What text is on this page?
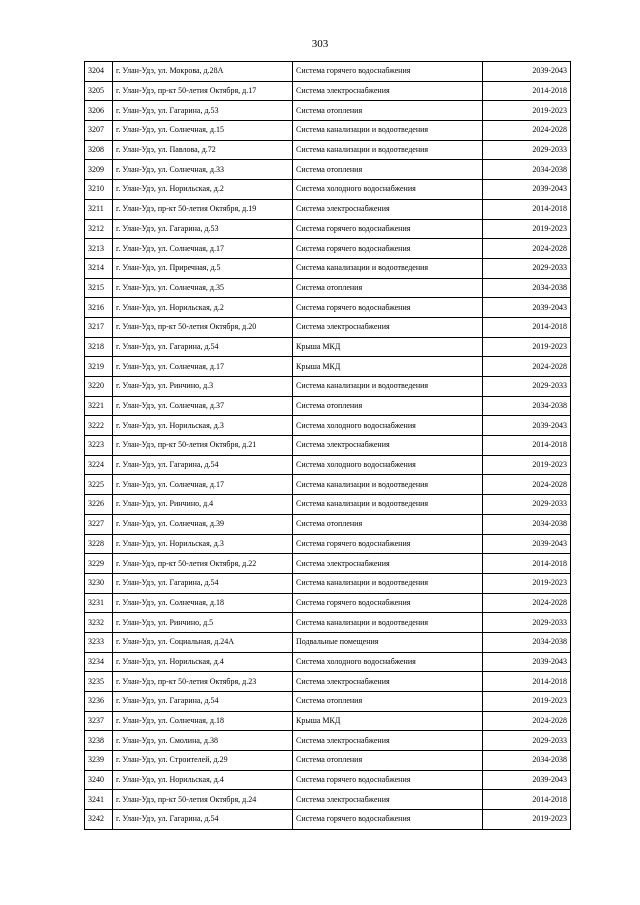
303
3204	г. Улан-Удэ, ул. Мокрова, д.28А	Система горячего водоснабжения	2039-2043
3205	г. Улан-Удэ, пр-кт 50-летия Октября, д.17	Система электроснабжения	2014-2018
3206	г. Улан-Удэ, ул. Гагарина, д.53	Система отопления	2019-2023
3207	г. Улан-Удэ, ул. Солнечная, д.15	Система канализации и водоотведения	2024-2028
3208	г. Улан-Удэ, ул. Павлова, д.72	Система канализации и водоотведения	2029-2033
3209	г. Улан-Удэ, ул. Солнечная, д.33	Система отопления	2034-2038
3210	г. Улан-Удэ, ул. Норильская, д.2	Система холодного водоснабжения	2039-2043
3211	г. Улан-Удэ, пр-кт 50-летия Октября, д.19	Система электроснабжения	2014-2018
3212	г. Улан-Удэ, ул. Гагарина, д.53	Система горячего водоснабжения	2019-2023
3213	г. Улан-Удэ, ул. Солнечная, д.17	Система горячего водоснабжения	2024-2028
3214	г. Улан-Удэ, ул. Приречная, д.5	Система канализации и водоотведения	2029-2033
3215	г. Улан-Удэ, ул. Солнечная, д.35	Система отопления	2034-2038
3216	г. Улан-Удэ, ул. Норильская, д.2	Система горячего водоснабжения	2039-2043
3217	г. Улан-Удэ, пр-кт 50-летия Октября, д.20	Система электроснабжения	2014-2018
3218	г. Улан-Удэ, ул. Гагарина, д.54	Крыша МКД	2019-2023
3219	г. Улан-Удэ, ул. Солнечная, д.17	Крыша МКД	2024-2028
3220	г. Улан-Удэ, ул. Ринчино, д.3	Система канализации и водоотведения	2029-2033
3221	г. Улан-Удэ, ул. Солнечная, д.37	Система отопления	2034-2038
3222	г. Улан-Удэ, ул. Норильская, д.3	Система холодного водоснабжения	2039-2043
3223	г. Улан-Удэ, пр-кт 50-летия Октября, д.21	Система электроснабжения	2014-2018
3224	г. Улан-Удэ, ул. Гагарина, д.54	Система холодного водоснабжения	2019-2023
3225	г. Улан-Удэ, ул. Солнечная, д.17	Система канализации и водоотведения	2024-2028
3226	г. Улан-Удэ, ул. Ринчино, д.4	Система канализации и водоотведения	2029-2033
3227	г. Улан-Удэ, ул. Солнечная, д.39	Система отопления	2034-2038
3228	г. Улан-Удэ, ул. Норильская, д.3	Система горячего водоснабжения	2039-2043
3229	г. Улан-Удэ, пр-кт 50-летия Октября, д.22	Система электроснабжения	2014-2018
3230	г. Улан-Удэ, ул. Гагарина, д.54	Система канализации и водоотведения	2019-2023
3231	г. Улан-Удэ, ул. Солнечная, д.18	Система горячего водоснабжения	2024-2028
3232	г. Улан-Удэ, ул. Ринчино, д.5	Система канализации и водоотведения	2029-2033
3233	г. Улан-Удэ, ул. Социальная, д.24А	Подвальные помещения	2034-2038
3234	г. Улан-Удэ, ул. Норильская, д.4	Система холодного водоснабжения	2039-2043
3235	г. Улан-Удэ, пр-кт 50-летия Октября, д.23	Система электроснабжения	2014-2018
3236	г. Улан-Удэ, ул. Гагарина, д.54	Система отопления	2019-2023
3237	г. Улан-Удэ, ул. Солнечная, д.18	Крыша МКД	2024-2028
3238	г. Улан-Удэ, ул. Смолина, д.38	Система электроснабжения	2029-2033
3239	г. Улан-Удэ, ул. Строителей, д.29	Система отопления	2034-2038
3240	г. Улан-Удэ, ул. Норильская, д.4	Система горячего водоснабжения	2039-2043
3241	г. Улан-Удэ, пр-кт 50-летия Октября, д.24	Система электроснабжения	2014-2018
3242	г. Улан-Удэ, ул. Гагарина, д.54	Система горячего водоснабжения	2019-2023
